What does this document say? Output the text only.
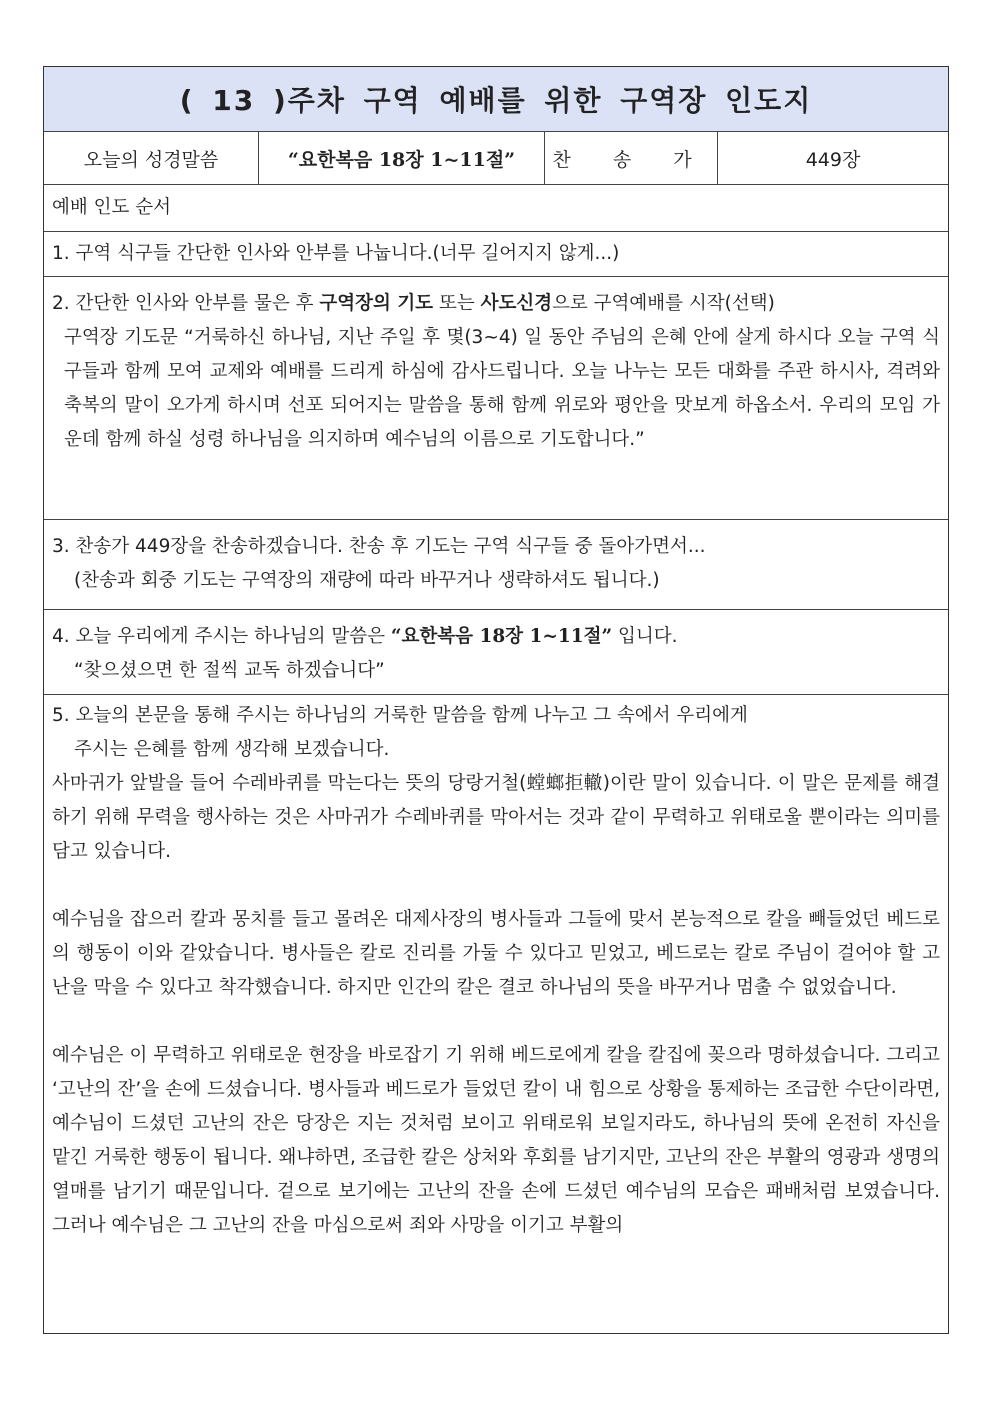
( 13 )주차 구역 예배를 위한 구역장 인도지
오늘의 성경말씀	“요한복음 18장 1~11절”	찬 송 가	449장
예배 인도 순서
1. 구역 식구들 간단한 인사와 안부를 나눕니다.(너무 길어지지 않게...)

2. 간단한 인사와 안부를 물은 후 구역장의 기도 또는 사도신경으로 구역예배를 시작(선택)

구역장 기도문 “거룩하신 하나님, 지난 주일 후 몇(3~4) 일 동안 주님의 은혜 안에 살게 하시다 오늘 구역 식구들과 함께 모여 교제와 예배를 드리게 하심에 감사드립니다. 오늘 나누는 모든 대화를 주관 하시사, 격려와 축복의 말이 오가게 하시며 선포 되어지는 말씀을 통해 함께 위로와 평안을 맛보게 하옵소서. 우리의 모임 가운데 함께 하실 성령 하나님을 의지하며 예수님의 이름으로 기도합니다.”

3. 찬송가 449장을 찬송하겠습니다. 찬송 후 기도는 구역 식구들 중 돌아가면서...

(찬송과 회중 기도는 구역장의 재량에 따라 바꾸거나 생략하셔도 됩니다.)

4. 오늘 우리에게 주시는 하나님의 말씀은 “요한복음 18장 1~11절” 입니다.

“찾으셨으면 한 절씩 교독 하겠습니다”

5. 오늘의 본문을 통해 주시는 하나님의 거룩한 말씀을 함께 나누고 그 속에서 우리에게

주시는 은혜를 함께 생각해 보겠습니다.

사마귀가 앞발을 들어 수레바퀴를 막는다는 뜻의 당랑거철(螳螂拒轍)이란 말이 있습니다. 이 말은 문제를 해결하기 위해 무력을 행사하는 것은 사마귀가 수레바퀴를 막아서는 것과 같이 무력하고 위태로울 뿐이라는 의미를 담고 있습니다.

예수님을 잡으러 칼과 몽치를 들고 몰려온 대제사장의 병사들과 그들에 맞서 본능적으로 칼을 빼들었던 베드로의 행동이 이와 같았습니다. 병사들은 칼로 진리를 가둘 수 있다고 믿었고, 베드로는 칼로 주님이 걸어야 할 고난을 막을 수 있다고 착각했습니다. 하지만 인간의 칼은 결코 하나님의 뜻을 바꾸거나 멈출 수 없었습니다.

예수님은 이 무력하고 위태로운 현장을 바로잡기 기 위해 베드로에게 칼을 칼집에 꽂으라 명하셨습니다. 그리고 ‘고난의 잔’을 손에 드셨습니다. 병사들과 베드로가 들었던 칼이 내 힘으로 상황을 통제하는 조급한 수단이라면, 예수님이 드셨던 고난의 잔은 당장은 지는 것처럼 보이고 위태로워 보일지라도, 하나님의 뜻에 온전히 자신을 맡긴 거룩한 행동이 됩니다. 왜냐하면, 조급한 칼은 상처와 후회를 남기지만, 고난의 잔은 부활의 영광과 생명의 열매를 남기기 때문입니다. 겉으로 보기에는 고난의 잔을 손에 드셨던 예수님의 모습은 패배처럼 보였습니다. 그러나 예수님은 그 고난의 잔을 마심으로써 죄와 사망을 이기고 부활의
